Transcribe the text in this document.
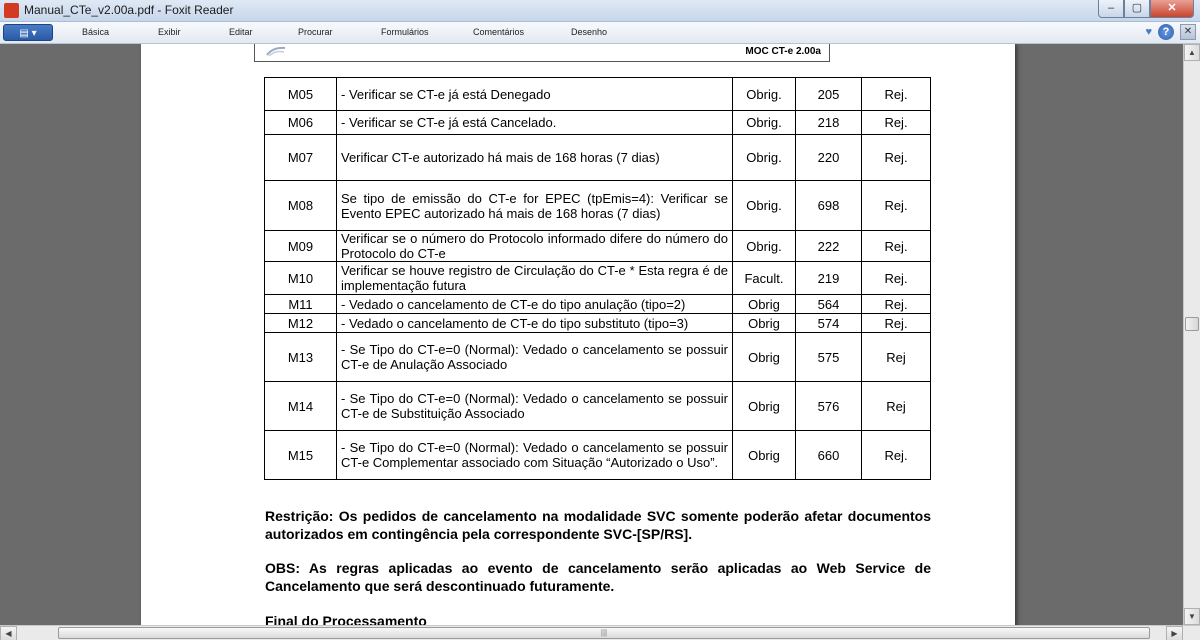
Manual_CTe_v2.00a.pdf - Foxit Reader	–	▢	✕
▤ ▾	Básica	Exibir	Editar	Procurar	Formulários	Comentários	Desenho	♥ ?	✕
MOC CT-e 2.00a
M05	- Verificar se CT-e já está Denegado	Obrig.	205	Rej.
M06	- Verificar se CT-e já está Cancelado.	Obrig.	218	Rej.
M07	Verificar CT-e autorizado há mais de 168 horas (7 dias)	Obrig.	220	Rej.
M08	Se tipo de emissão do CT-e for EPEC (tpEmis=4): Verificar se Evento EPEC autorizado há mais de 168 horas (7 dias)	Obrig.	698	Rej.
M09	Verificar se o número do Protocolo informado difere do número do Protocolo do CT-e	Obrig.	222	Rej.
M10	Verificar se houve registro de Circulação do CT-e * Esta regra é de implementação futura	Facult.	219	Rej.
M11	- Vedado o cancelamento de CT-e do tipo anulação (tipo=2)	Obrig	564	Rej.
M12	- Vedado o cancelamento de CT-e do tipo substituto (tipo=3)	Obrig	574	Rej.
M13	- Se Tipo do CT-e=0 (Normal): Vedado o cancelamento se possuir CT-e de Anulação Associado	Obrig	575	Rej
M14	- Se Tipo do CT-e=0 (Normal): Vedado o cancelamento se possuir CT-e de Substituição Associado	Obrig	576	Rej
M15	- Se Tipo do CT-e=0 (Normal): Vedado o cancelamento se possuir CT-e Complementar associado com Situação “Autorizado o Uso”.	Obrig	660	Rej.
Restrição: Os pedidos de cancelamento na modalidade SVC somente poderão afetar documentos autorizados em contingência pela correspondente SVC-[SP/RS].
OBS: As regras aplicadas ao evento de cancelamento serão aplicadas ao Web Service de Cancelamento que será descontinuado futuramente.
Final do Processamento
▲
▼
◀	|||	▶
